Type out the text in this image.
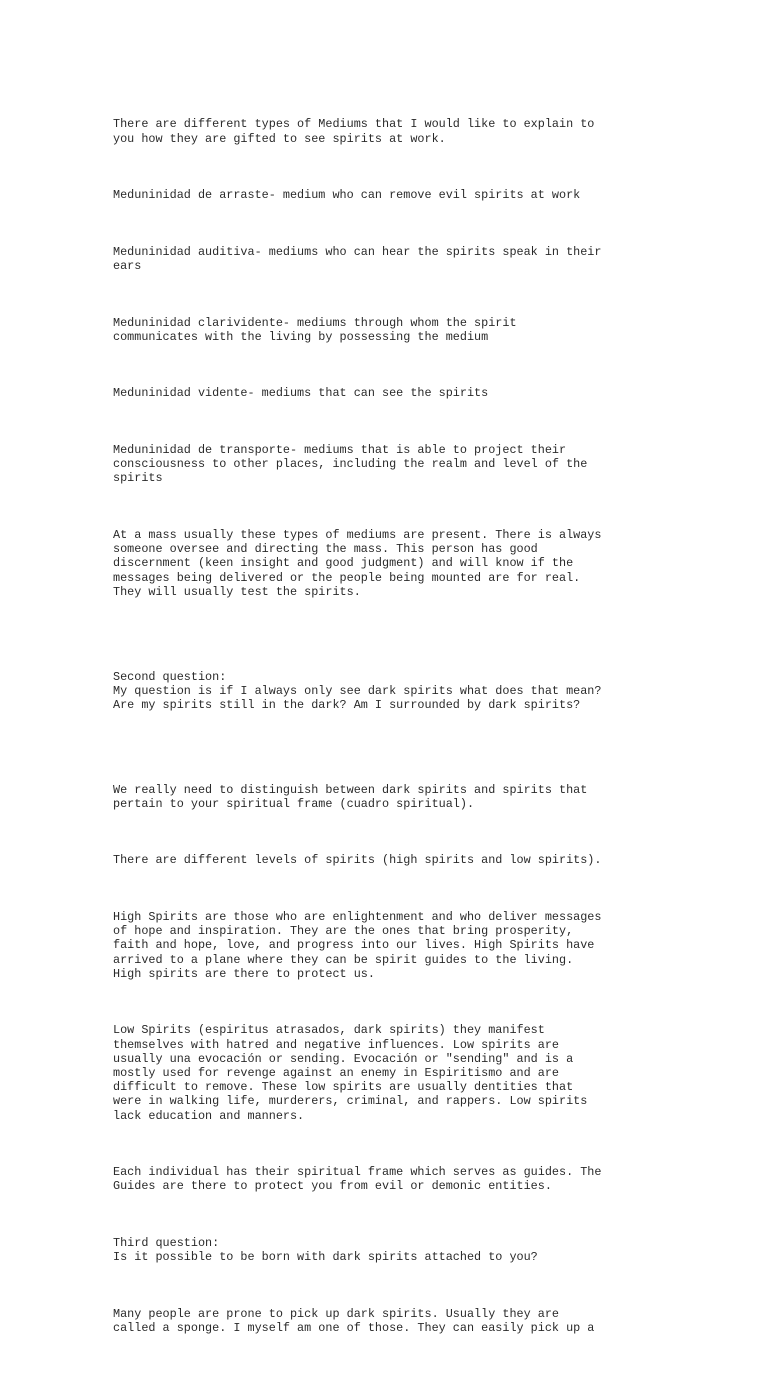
There are different types of Mediums that I would like to explain to
you how they are gifted to see spirits at work.

Meduninidad de arraste- medium who can remove evil spirits at work

Meduninidad auditiva- mediums who can hear the spirits speak in their
ears

Meduninidad clarividente- mediums through whom the spirit
communicates with the living by possessing the medium

Meduninidad vidente- mediums that can see the spirits

Meduninidad de transporte- mediums that is able to project their
consciousness to other places, including the realm and level of the
spirits

At a mass usually these types of mediums are present. There is always
someone oversee and directing the mass. This person has good
discernment (keen insight and good judgment) and will know if the
messages being delivered or the people being mounted are for real.
They will usually test the spirits.

Second question:
My question is if I always only see dark spirits what does that mean?
Are my spirits still in the dark? Am I surrounded by dark spirits?

We really need to distinguish between dark spirits and spirits that
pertain to your spiritual frame (cuadro spiritual).

There are different levels of spirits (high spirits and low spirits).

High Spirits are those who are enlightenment and who deliver messages
of hope and inspiration. They are the ones that bring prosperity,
faith and hope, love, and progress into our lives. High Spirits have
arrived to a plane where they can be spirit guides to the living.
High spirits are there to protect us.

Low Spirits (espiritus atrasados, dark spirits) they manifest
themselves with hatred and negative influences. Low spirits are
usually una evocación or sending. Evocación or "sending" and is a
mostly used for revenge against an enemy in Espiritismo and are
difficult to remove. These low spirits are usually dentities that
were in walking life, murderers, criminal, and rappers. Low spirits
lack education and manners.

Each individual has their spiritual frame which serves as guides. The
Guides are there to protect you from evil or demonic entities.

Third question:
Is it possible to be born with dark spirits attached to you?

Many people are prone to pick up dark spirits. Usually they are
called a sponge. I myself am one of those. They can easily pick up a
